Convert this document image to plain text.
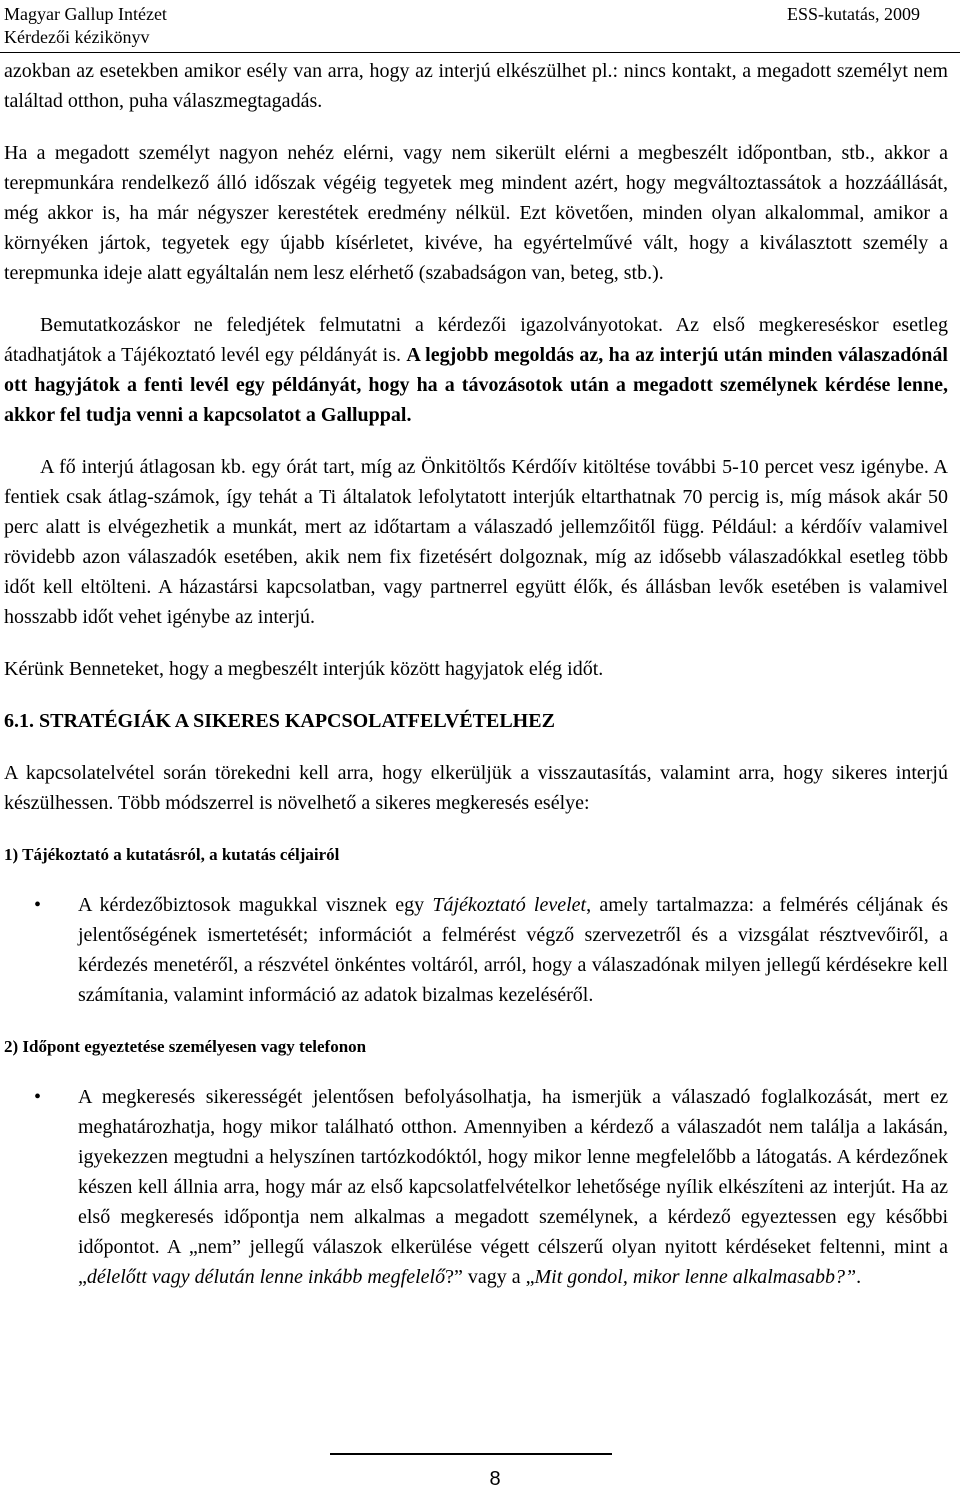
Magyar Gallup Intézet
Kérdezői kézikönyv
ESS-kutatás, 2009

azokban az esetekben amikor esély van arra, hogy az interjú elkészülhet pl.: nincs kontakt, a megadott személyt nem találtad otthon, puha válaszmegtagadás.

Ha a megadott személyt nagyon nehéz elérni, vagy nem sikerült elérni a megbeszélt időpontban, stb., akkor a terepmunkára rendelkező álló időszak végéig tegyetek meg mindent azért, hogy megváltoztassátok a hozzáállását, még akkor is, ha már négyszer kerestétek eredmény nélkül. Ezt követően, minden olyan alkalommal, amikor a környéken jártok, tegyetek egy újabb kísérletet, kivéve, ha egyértelművé vált, hogy a kiválasztott személy a terepmunka ideje alatt egyáltalán nem lesz elérhető (szabadságon van, beteg, stb.).

Bemutatkozáskor ne feledjétek felmutatni a kérdezői igazolványotokat. Az első megkereséskor esetleg átadhatjátok a Tájékoztató levél egy példányát is. A legjobb megoldás az, ha az interjú után minden válaszadónál ott hagyjátok a fenti levél egy példányát, hogy ha a távozásotok után a megadott személynek kérdése lenne, akkor fel tudja venni a kapcsolatot a Galluppal.

A fő interjú átlagosan kb. egy órát tart, míg az Önkitöltős Kérdőív kitöltése további 5-10 percet vesz igénybe. A fentiek csak átlag-számok, így tehát a Ti általatok lefolytatott interjúk eltarthatnak 70 percig is, míg mások akár 50 perc alatt is elvégezhetik a munkát, mert az időtartam a válaszadó jellemzőitől függ. Például: a kérdőív valamivel rövidebb azon válaszadók esetében, akik nem fix fizetésért dolgoznak, míg az idősebb válaszadókkal esetleg több időt kell eltölteni. A házastársi kapcsolatban, vagy partnerrel együtt élők, és állásban levők esetében is valamivel hosszabb időt vehet igénybe az interjú.

Kérünk Benneteket, hogy a megbeszélt interjúk között hagyjatok elég időt.

6.1. STRATÉGIÁK A SIKERES KAPCSOLATFELVÉTELHEZ

A kapcsolatelvétel során törekedni kell arra, hogy elkerüljük a visszautasítás, valamint arra, hogy sikeres interjú készülhessen. Több módszerrel is növelhető a sikeres megkeresés esélye:

1) Tájékoztató a kutatásról, a kutatás céljairól

• A kérdezőbiztosok magukkal visznek egy Tájékoztató levelet, amely tartalmazza: a felmérés céljának és jelentőségének ismertetését; információt a felmérést végző szervezetről és a vizsgálat résztvevőiről, a kérdezés menetéről, a részvétel önkéntes voltáról, arról, hogy a válaszadónak milyen jellegű kérdésekre kell számítania, valamint információ az adatok bizalmas kezeléséről.

2) Időpont egyeztetése személyesen vagy telefonon

• A megkeresés sikerességét jelentősen befolyásolhatja, ha ismerjük a válaszadó foglalkozását, mert ez meghatározhatja, hogy mikor található otthon. Amennyiben a kérdező a válaszadót nem találja a lakásán, igyekezzen megtudni a helyszínen tartózkodóktól, hogy mikor lenne megfelelőbb a látogatás. A kérdezőnek készen kell állnia arra, hogy már az első kapcsolatfelvételkor lehetősége nyílik elkészíteni az interjút. Ha az első megkeresés időpontja nem alkalmas a megadott személynek, a kérdező egyeztessen egy későbbi időpontot. A „nem” jellegű válaszok elkerülése végett célszerű olyan nyitott kérdéseket feltenni, mint a „délelőtt vagy délután lenne inkább megfelelő?” vagy a „Mit gondol, mikor lenne alkalmasabb?”.
8
